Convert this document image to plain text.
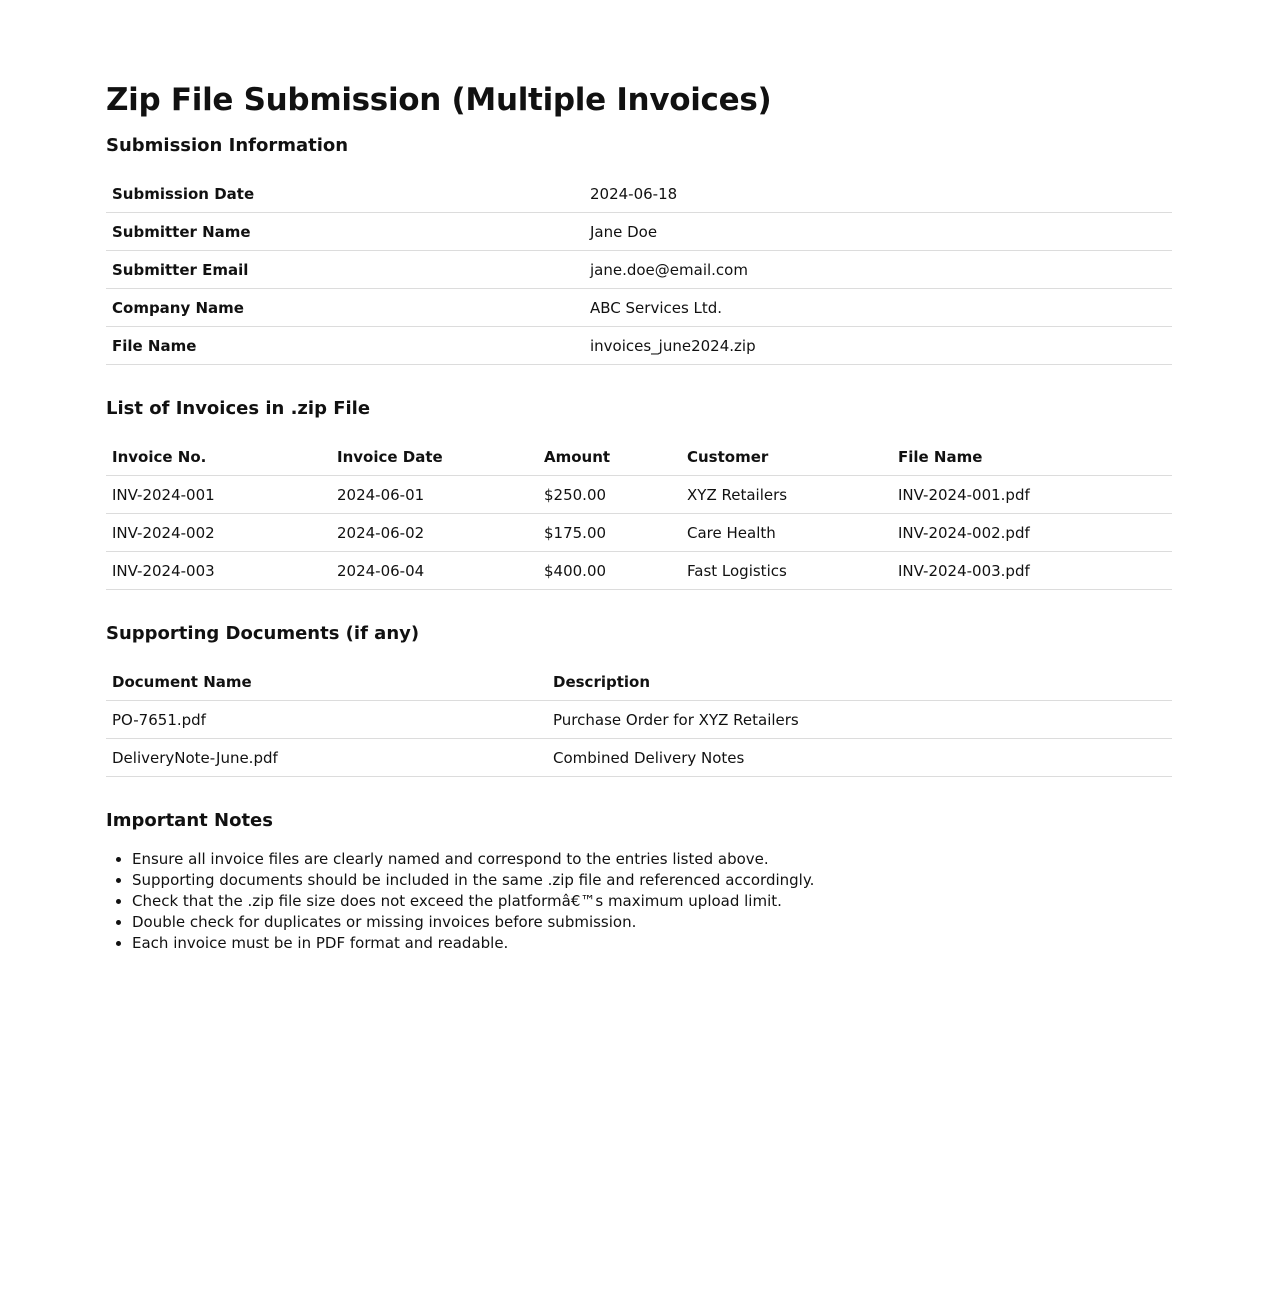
Zip File Submission (Multiple Invoices)
Submission Information
Submission Date	2024-06-18
Submitter Name	Jane Doe
Submitter Email	jane.doe@email.com
Company Name	ABC Services Ltd.
File Name	invoices_june2024.zip
List of Invoices in .zip File
Invoice No.	Invoice Date	Amount	Customer	File Name
INV-2024-001	2024-06-01	$250.00	XYZ Retailers	INV-2024-001.pdf
INV-2024-002	2024-06-02	$175.00	Care Health	INV-2024-002.pdf
INV-2024-003	2024-06-04	$400.00	Fast Logistics	INV-2024-003.pdf
Supporting Documents (if any)
Document Name	Description
PO-7651.pdf	Purchase Order for XYZ Retailers
DeliveryNote-June.pdf	Combined Delivery Notes
Important Notes
• Ensure all invoice files are clearly named and correspond to the entries listed above.
• Supporting documents should be included in the same .zip file and referenced accordingly.
• Check that the .zip file size does not exceed the platformâ€™s maximum upload limit.
• Double check for duplicates or missing invoices before submission.
• Each invoice must be in PDF format and readable.
